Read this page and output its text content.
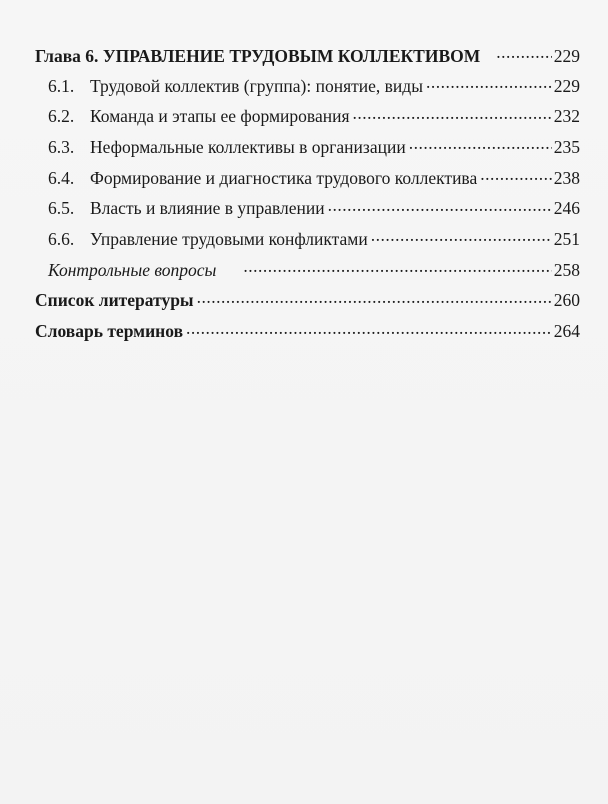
Глава 6. УПРАВЛЕНИЕ ТРУДОВЫМ КОЛЛЕКТИВОМ .....	229
6.1. Трудовой коллектив (группа): понятие, виды .....	229
6.2. Команда и этапы ее формирования .....	232
6.3. Неформальные коллективы в организации .....	235
6.4. Формирование и диагностика трудового коллектива .....	238
6.5. Власть и влияние в управлении .....	246
6.6. Управление трудовыми конфликтами .....	251
Контрольные вопросы .....	258
Список литературы .....	260
Словарь терминов .....	264
